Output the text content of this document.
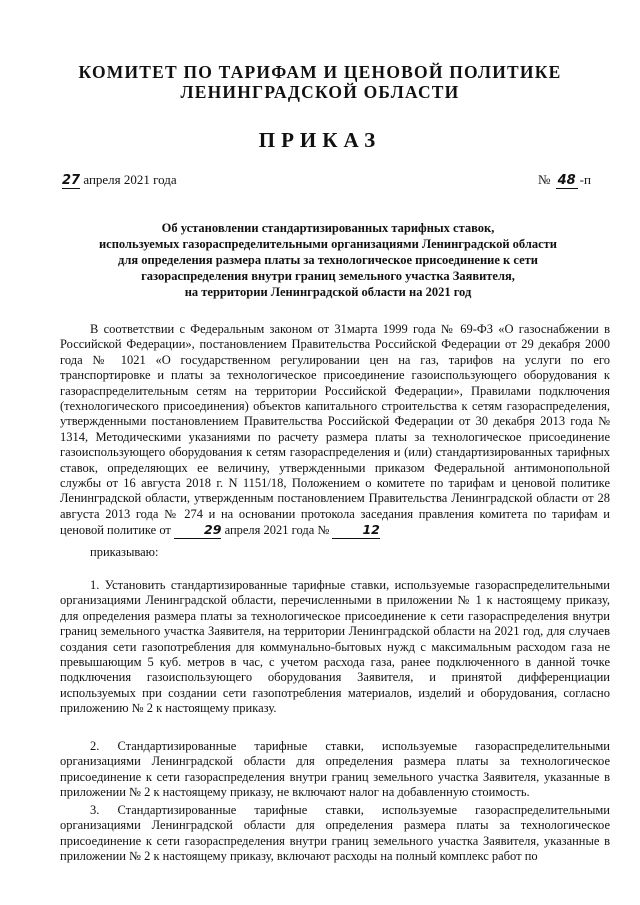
КОМИТЕТ ПО ТАРИФАМ И ЦЕНОВОЙ ПОЛИТИКЕ
ЛЕНИНГРАДСКОЙ ОБЛАСТИ
ПРИКАЗ
27 апреля 2021 года	№ 48 -п
Об установлении стандартизированных тарифных ставок,
используемых газораспределительными организациями Ленинградской области
для определения размера платы за технологическое присоединение к сети
газораспределения внутри границ земельного участка Заявителя,
на территории Ленинградской области на 2021 год

В соответствии с Федеральным законом от 31марта 1999 года № 69-ФЗ «О газоснабжении в Российской Федерации», постановлением Правительства Российской Федерации от 29 декабря 2000 года № 1021 «О государственном регулировании цен на газ, тарифов на услуги по его транспортировке и платы за технологическое присоединение газоиспользующего оборудования к газораспределительным сетям на территории Российской Федерации», Правилами подключения (технологического присоединения) объектов капитального строительства к сетям газораспределения, утвержденными постановлением Правительства Российской Федерации от 30 декабря 2013 года № 1314, Методическими указаниями по расчету размера платы за технологическое присоединение газоиспользующего оборудования к сетям газораспределения и (или) стандартизированных тарифных ставок, определяющих ее величину, утвержденными приказом Федеральной антимонопольной службы от 16 августа 2018 г. N 1151/18, Положением о комитете по тарифам и ценовой политике Ленинградской области, утвержденным постановлением Правительства Ленинградской области от 28 августа 2013 года № 274 и на основании протокола заседания правления комитета по тарифам и ценовой политике от	29 апреля 2021 года №	12

приказываю:

1. Установить стандартизированные тарифные ставки, используемые газораспределительными организациями Ленинградской области, перечисленными в приложении № 1 к настоящему приказу, для определения размера платы за технологическое присоединение к сети газораспределения внутри границ земельного участка Заявителя, на территории Ленинградской области на 2021 год, для случаев создания сети газопотребления для коммунально-бытовых нужд с максимальным расходом газа не превышающим 5 куб. метров в час, с учетом расхода газа, ранее подключенного в данной точке подключения газоиспользующего оборудования Заявителя, и принятой дифференциации используемых при создании сети газопотребления материалов, изделий и оборудования, согласно приложению № 2 к настоящему приказу.

2. Стандартизированные тарифные ставки, используемые газораспределительными организациями Ленинградской области для определения размера платы за технологическое присоединение к сети газораспределения внутри границ земельного участка Заявителя, указанные в приложении № 2 к настоящему приказу, не включают налог на добавленную стоимость.

3. Стандартизированные тарифные ставки, используемые газораспределительными организациями Ленинградской области для определения размера платы за технологическое присоединение к сети газораспределения внутри границ земельного участка Заявителя, указанные в приложении № 2 к настоящему приказу, включают расходы на полный комплекс работ по
